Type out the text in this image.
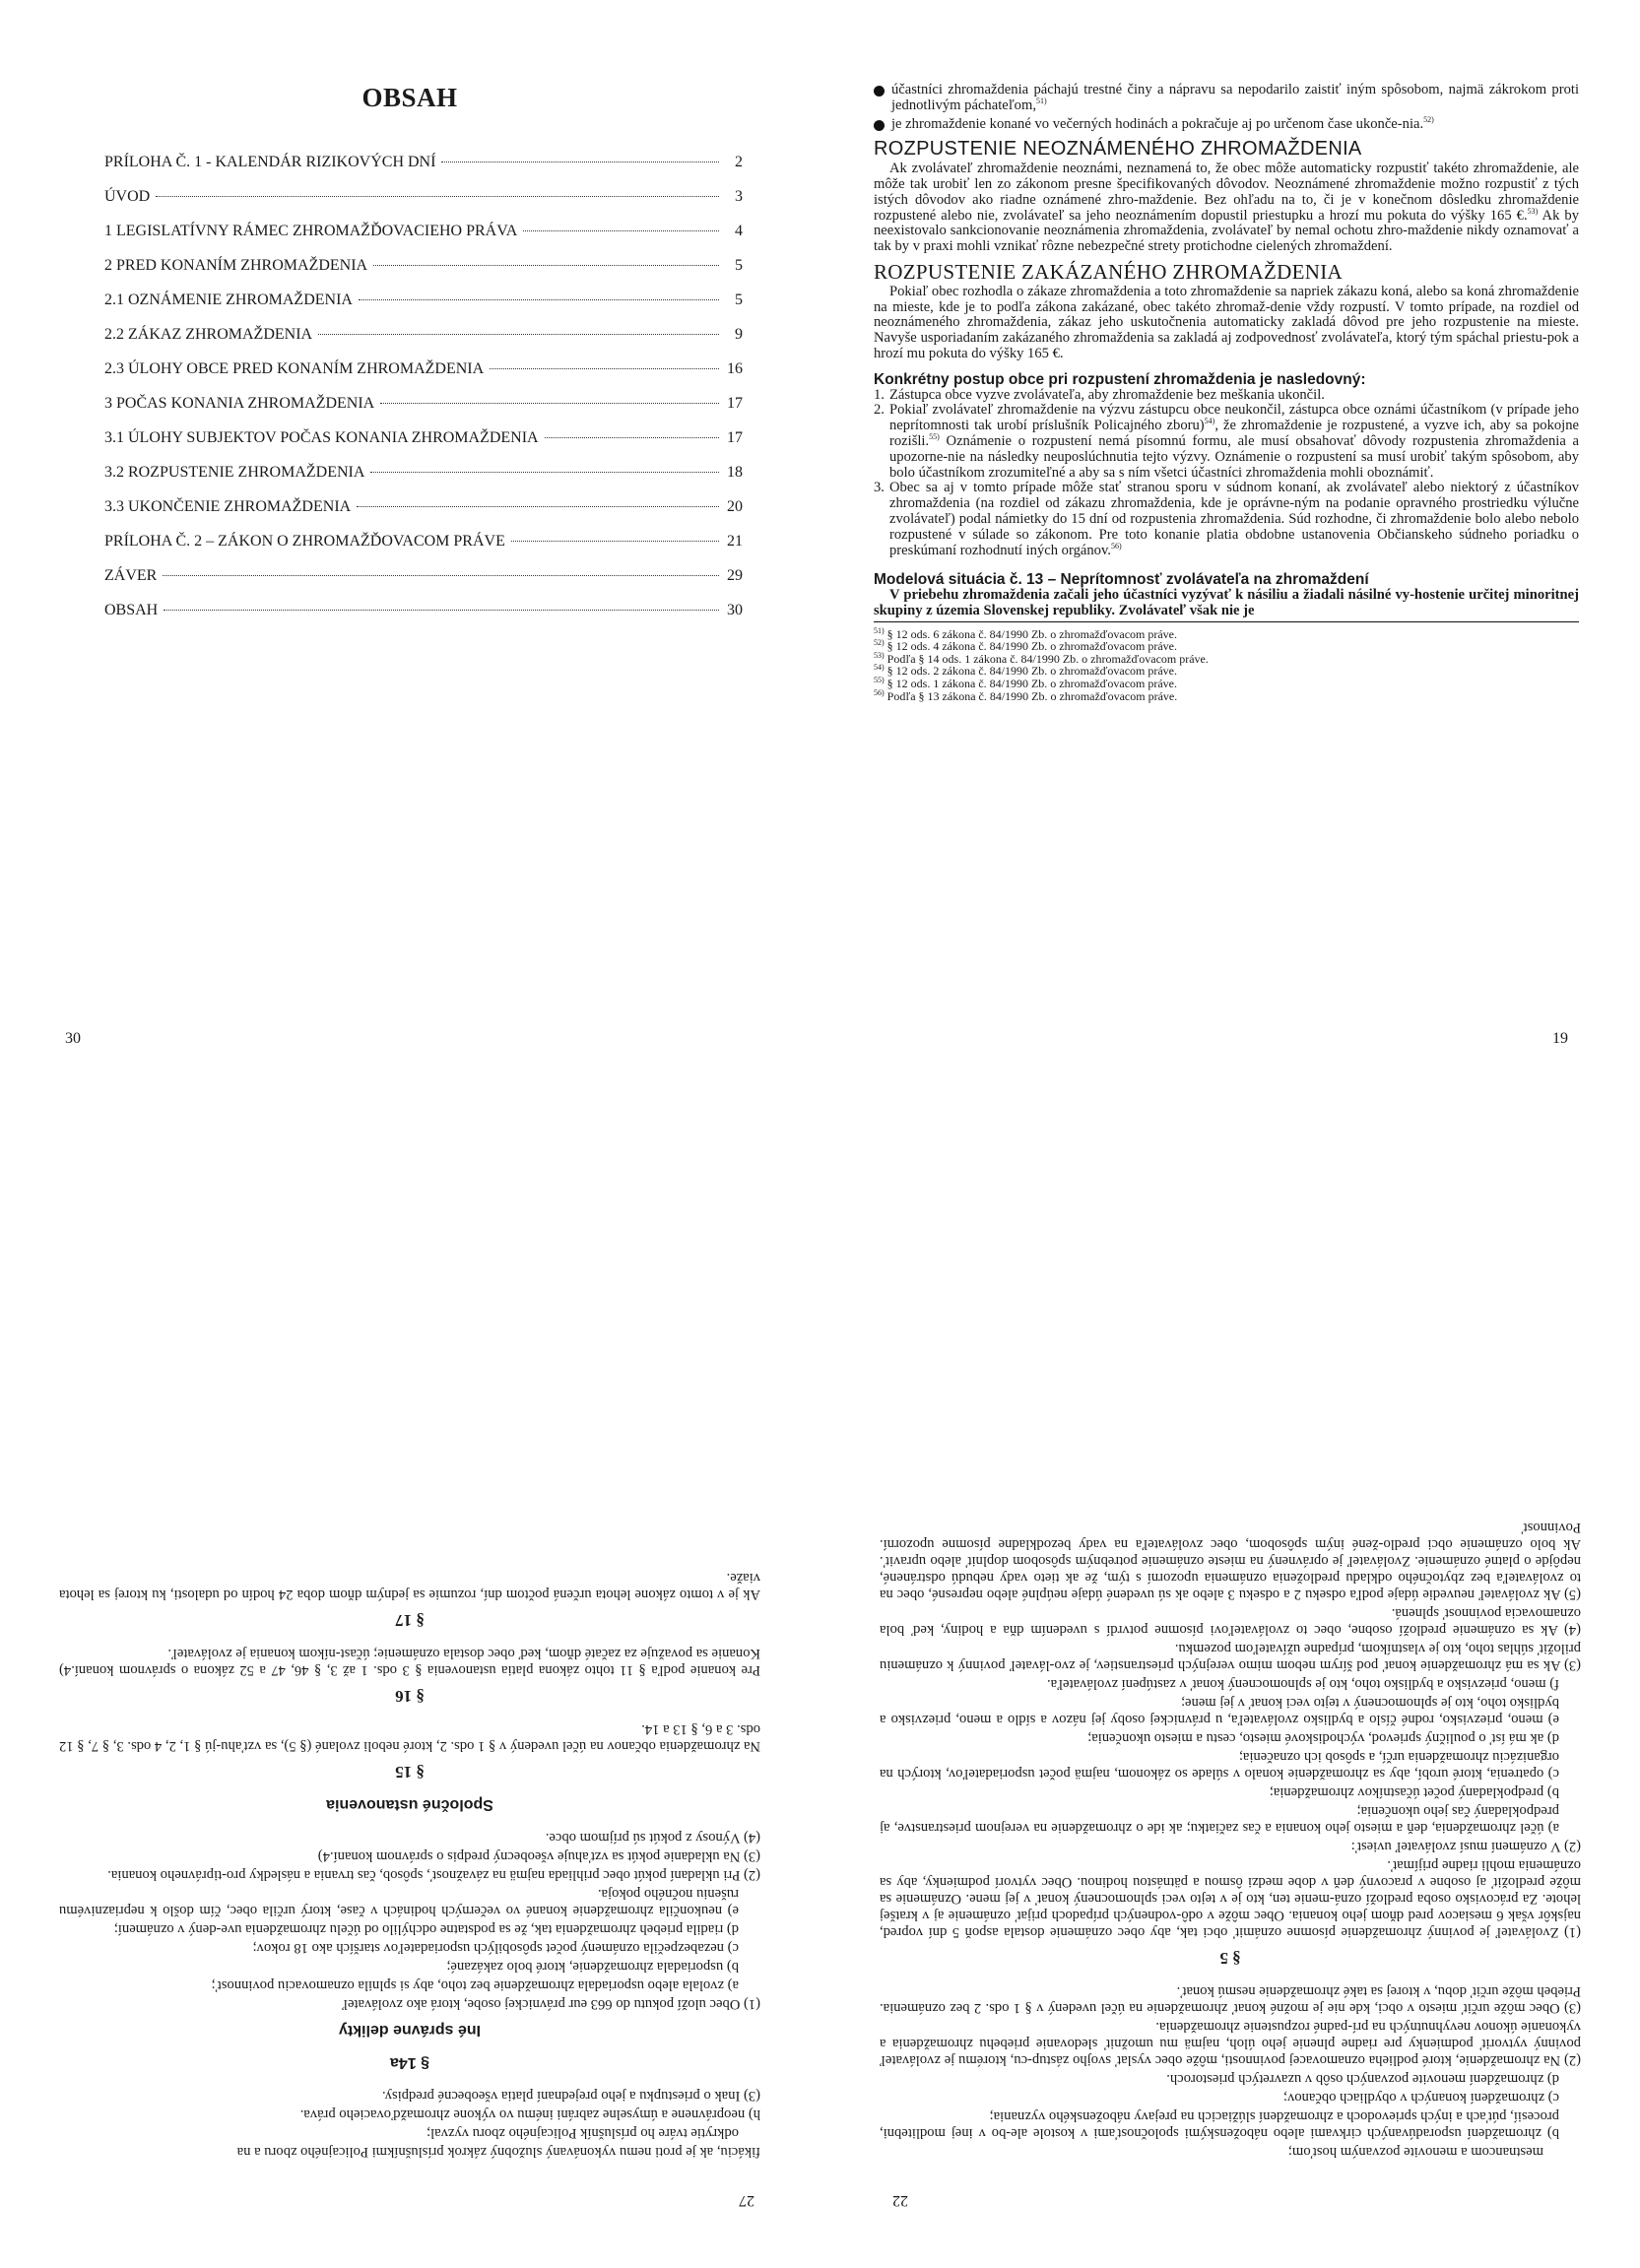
OBSAH
PRÍLOHA Č. 1 - KALENDÁR RIZIKOVÝCH DNÍ	2
ÚVOD	3
1 LEGISLATÍVNY RÁMEC ZHROMAŽĎOVACIEHO PRÁVA	4
2 PRED KONANÍM ZHROMAŽDENIA	5
2.1 OZNÁMENIE ZHROMAŽDENIA	5
2.2 ZÁKAZ ZHROMAŽDENIA	9
2.3 ÚLOHY OBCE PRED KONANÍM ZHROMAŽDENIA	16
3 POČAS KONANIA ZHROMAŽDENIA	17
3.1 ÚLOHY SUBJEKTOV POČAS KONANIA ZHROMAŽDENIA	17
3.2 ROZPUSTENIE ZHROMAŽDENIA	18
3.3 UKONČENIE ZHROMAŽDENIA	20
PRÍLOHA Č. 2 – ZÁKON O ZHROMAŽĎOVACOM PRÁVE	21
ZÁVER	29
OBSAH	30
30
účastníci zhromaždenia páchajú trestné činy a nápravu sa nepodarilo zaistiť iným spôsobom, najmä zákrokom proti jednotlivým páchateľom,$^{51)}$
je zhromaždenie konané vo večerných hodinách a pokračuje aj po určenom čase ukonče-nia.$^{52)}$
ROZPUSTENIE NEOZNÁMENÉHO ZHROMAŽDENIA

Ak zvolávateľ zhromaždenie neoznámi, neznamená to, že obec môže automaticky rozpustiť takéto zhromaždenie, ale môže tak urobiť len zo zákonom presne špecifikovaných dôvodov. Neoznámené zhromaždenie možno rozpustiť z tých istých dôvodov ako riadne oznámené zhro-maždenie. Bez ohľadu na to, či je v konečnom dôsledku zhromaždenie rozpustené alebo nie, zvolávateľ sa jeho neoznámením dopustil priestupku a hrozí mu pokuta do výšky 165 €.$^{53)}$ Ak by neexistovalo sankcionovanie neoznámenia zhromaždenia, zvolávateľ by nemal ochotu zhro-maždenie nikdy oznamovať a tak by v praxi mohli vznikať rôzne nebezpečné strety protichodne cielených zhromaždení.

ROZPUSTENIE ZAKÁZANÉHO ZHROMAŽDENIA

Pokiaľ obec rozhodla o zákaze zhromaždenia a toto zhromaždenie sa napriek zákazu koná, alebo sa koná zhromaždenie na mieste, kde je to podľa zákona zakázané, obec takéto zhromaž-denie vždy rozpustí. V tomto prípade, na rozdiel od neoznámeného zhromaždenia, zákaz jeho uskutočnenia automaticky zakladá dôvod pre jeho rozpustenie na mieste. Navyše usporiadaním zakázaného zhromaždenia sa zakladá aj zodpovednosť zvolávateľa, ktorý tým spáchal priestu-pok a hrozí mu pokuta do výšky 165 €.

Konkrétny postup obce pri rozpustení zhromaždenia je nasledovný:
1. Zástupca obce vyzve zvolávateľa, aby zhromaždenie bez meškania ukončil.
2. Pokiaľ zvolávateľ zhromaždenie na výzvu zástupcu obce neukončil, zástupca obce oznámi účastníkom (v prípade jeho neprítomnosti tak urobí príslušník Policajného zboru)$^{54)}$, že zhromaždenie je rozpustené, a vyzve ich, aby sa pokojne rozišli.$^{55)}$ Oznámenie o rozpustení nemá písomnú formu, ale musí obsahovať dôvody rozpustenia zhromaždenia a upozorne-nie na následky neuposlúchnutia tejto výzvy. Oznámenie o rozpustení sa musí urobiť takým spôsobom, aby bolo účastníkom zrozumiteľné a aby sa s ním všetci účastníci zhromaždenia mohli oboznámiť.
3. Obec sa aj v tomto prípade môže stať stranou sporu v súdnom konaní, ak zvolávateľ alebo niektorý z účastníkov zhromaždenia (na rozdiel od zákazu zhromaždenia, kde je oprávne-ným na podanie opravného prostriedku výlučne zvolávateľ) podal námietky do 15 dní od rozpustenia zhromaždenia. Súd rozhodne, či zhromaždenie bolo alebo nebolo rozpustené v súlade so zákonom. Pre toto konanie platia obdobne ustanovenia Občianskeho súdneho poriadku o preskúmaní rozhodnutí iných orgánov.$^{56)}$
Modelová situácia č. 13 – Neprítomnosť zvolávateľa na zhromaždení

V priebehu zhromaždenia začali jeho účastníci vyzývať k násiliu a žiadali násilné vy-hostenie určitej minoritnej skupiny z územia Slovenskej republiky. Zvolávateľ však nie je

$^{51)}$ § 12 ods. 6 zákona č. 84/1990 Zb. o zhromažďovacom práve.
$^{52)}$ § 12 ods. 4 zákona č. 84/1990 Zb. o zhromažďovacom práve.
$^{53)}$ Podľa § 14 ods. 1 zákona č. 84/1990 Zb. o zhromažďovacom práve.
$^{54)}$ § 12 ods. 2 zákona č. 84/1990 Zb. o zhromažďovacom práve.
$^{55)}$ § 12 ods. 1 zákona č. 84/1990 Zb. o zhromažďovacom práve.
$^{56)}$ Podľa § 13 zákona č. 84/1990 Zb. o zhromažďovacom práve.
19
27

fikáciu, ak je proti nemu vykonávaný služobný zákrok príslušníkmi Policajného zboru a na

odkrytie tváre ho príslušník Policajného zboru vyzval;

h) neoprávnene a úmyselne zabráni inému vo výkone zhromažďovacieho práva.

(3) Inak o priestupku a jeho prejednaní platia všeobecné predpisy.

§ 14a

Iné správne delikty

(1) Obec uloží pokutu do 663 eur právnickej osobe, ktorá ako zvolávateľ

a) zvolala alebo usporiadala zhromaždenie bez toho, aby si splnila oznamovaciu povinnosť;

b) usporiadala zhromaždenie, ktoré bolo zakázané;

c) nezabezpečila oznámený počet spôsobilých usporiadateľov starších ako 18 rokov;

d) riadila priebeh zhromaždenia tak, že sa podstatne odchýlilo od účelu zhromaždenia uve-dený v oznámení;

e) neukončila zhromaždenie konané vo večerných hodinách v čase, ktorý určila obec, čím došlo k nepriaznivému rušeniu nočného pokoja.

(2) Pri ukladaní pokút obec prihliada najmä na závažnosť, spôsob, čas trvania a následky pro-tiprávneho konania.

(3) Na ukladanie pokút sa vzťahuje všeobecný predpis o správnom konaní.4)

(4) Výnosy z pokút sú príjmom obce.

Spoločné ustanovenia

§ 15

Na zhromaždenia občanov na účel uvedený v § 1 ods. 2, ktoré neboli zvolané (§ 5), sa vzťahu-jú § 1, 2, 4 ods. 3, § 7, § 12 ods. 3 a 6, § 13 a 14.

§ 16

Pre konanie podľa § 11 tohto zákona platia ustanovenia § 3 ods. 1 až 3, § 46, 47 a 52 zákona o správnom konaní.4) Konanie sa považuje za začaté dňom, keď obec dostala oznámenie; účast-níkom konania je zvolávateľ.

§ 17

Ak je v tomto zákone lehota určená počtom dní, rozumie sa jedným dňom doba 24 hodín od udalosti, ku ktorej sa lehota viaže.

22

mestnancom a menovite pozvaným hosťom;

b) zhromaždení usporadúvaných cirkvami alebo náboženskými spoločnosťami v kostole ale-bo v inej modlitebni, procesií, púťach a iných sprievodoch a zhromaždení slúžiacich na prejavy náboženského vyznania;

c) zhromaždení konaných v obydliach občanov;

d) zhromaždení menovite pozvaných osôb v uzavretých priestoroch.

(2) Na zhromaždenie, ktoré podlieha oznamovacej povinnosti, môže obec vyslať svojho zástup-cu, ktorému je zvolávateľ povinný vytvoriť podmienky pre riadne plnenie jeho úloh, najmä mu umožniť sledovanie priebehu zhromaždenia a vykonanie úkonov nevyhnutných na prí-padné rozpustenie zhromaždenia.

(3) Obec môže určiť miesto v obci, kde nie je možné konať zhromaždenie na účel uvedený v § 1 ods. 2 bez oznámenia. Priebeh môže určiť dobu, v ktorej sa také zhromaždenie nesmú konať.

§ 5

(1) Zvolávateľ je povinný zhromaždenie písomne oznámiť obci tak, aby obec oznámenie dostala aspoň 5 dní vopred, najskôr však 6 mesiacov pred dňom jeho konania. Obec môže v odô-vodnených prípadoch prijať oznámenie aj v kratšej lehote. Za prácovisko osoba predloží ozná-menie ten, kto je v tejto veci splnomocnený konať v jej mene. Oznámenie sa môže predložiť aj osobne v pracovný deň v dobe medzi ôsmou a pätnástou hodinou. Obec vytvorí podmienky, aby sa oznámenia mohli riadne prijímať.

(2) V oznámení musí zvolávateľ uviesť:

a) účel zhromaždenia, deň a miesto jeho konania a čas začiatku; ak ide o zhromaždenie na verejnom priestranstve, aj predpokladaný čas jeho ukončenia;

b) predpokladaný počet účastníkov zhromaždenia;

c) opatrenia, ktoré urobí, aby sa zhromaždenie konalo v súlade so zákonom, najmä počet usporiadateľov, ktorých na organizáciu zhromaždenia určí, a spôsob ich označenia;

d) ak má ísť o pouličný sprievod, východiskové miesto, cestu a miesto ukončenia;

e) meno, priezvisko, rodné číslo a bydlisko zvolávateľa, u právnickej osoby jej názov a sídlo a meno, priezvisko a bydlisko toho, kto je splnomocnený v tejto veci konať v jej mene;

f) meno, priezvisko a bydlisko toho, kto je splnomocnený konať v zastúpení zvolávateľa.

(3) Ak sa má zhromaždenie konať pod šírym nebom mimo verejných priestranstiev, je zvo-lávateľ povinný k oznámeniu priložiť súhlas toho, kto je vlastníkom, prípadne užívateľom pozemku.

(4) Ak sa oznámenie predloží osobne, obec to zvolávateľovi písomne potvrdí s uvedením dňa a hodiny, keď bola oznamovacia povinnosť splnená.

(5) Ak zvolávateľ neuvedie údaje podľa odseku 2 a odseku 3 alebo ak sú uvedené údaje neúplné alebo nepresné, obec na to zvolávateľa bez zbytočného odkladu predloženia oznámenia upozorní s tým, že ak tieto vady nebudú odstránené, nepôjde o platné oznámenie. Zvolávateľ je oprávnený na mieste oznámenie potrebným spôsobom doplniť alebo upraviť. Ak bolo oznámenie obci predlo-žené iným spôsobom, obec zvolávateľa na vady bezodkladne písomne upozorní. Povinnosť
